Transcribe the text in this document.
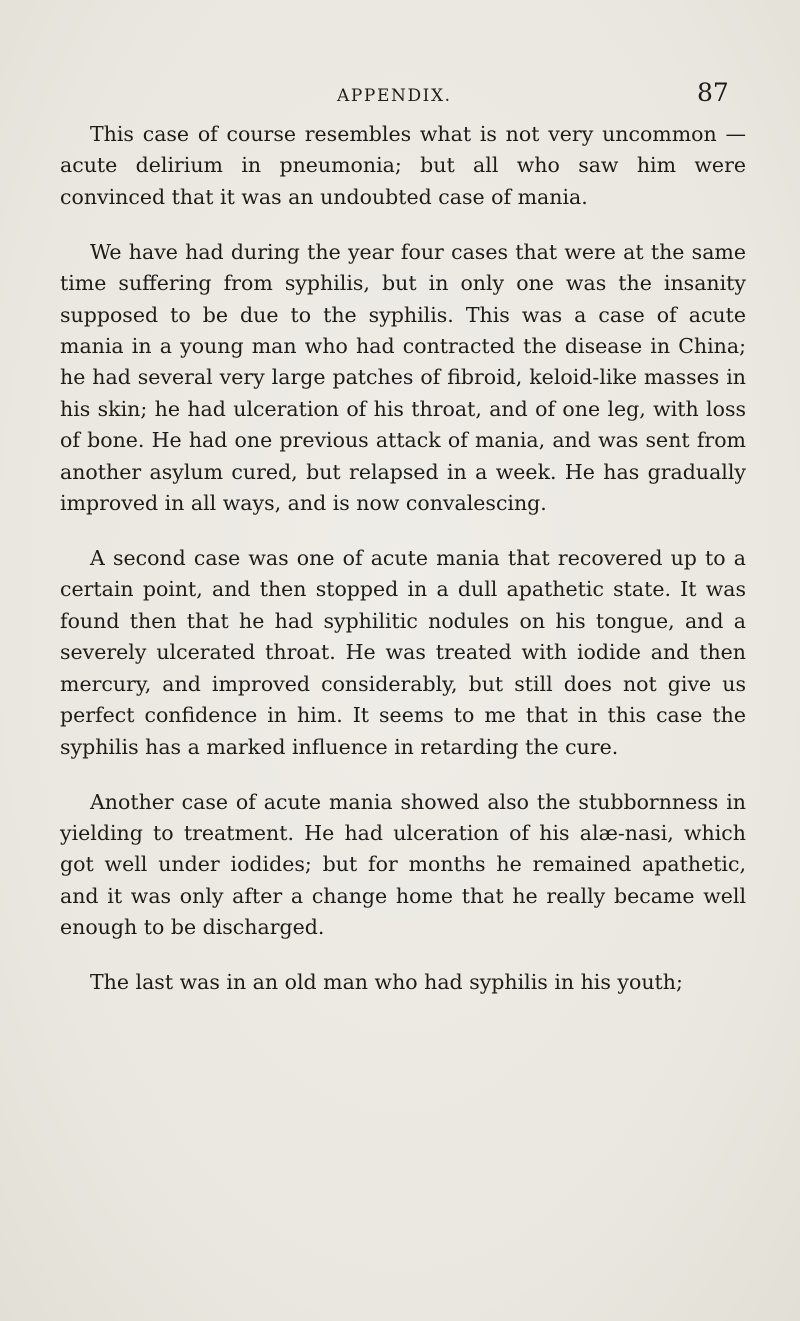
APPENDIX.	87

This case of course resembles what is not very uncommon —acute delirium in pneumonia; but all who saw him were convinced that it was an undoubted case of mania.

We have had during the year four cases that were at the same time suffering from syphilis, but in only one was the insanity supposed to be due to the syphilis. This was a case of acute mania in a young man who had contracted the disease in China; he had several very large patches of fibroid, keloid-like masses in his skin; he had ulceration of his throat, and of one leg, with loss of bone. He had one previous attack of mania, and was sent from another asylum cured, but relapsed in a week. He has gradually improved in all ways, and is now convalescing.

A second case was one of acute mania that recovered up to a certain point, and then stopped in a dull apathetic state. It was found then that he had syphilitic nodules on his tongue, and a severely ulcerated throat. He was treated with iodide and then mercury, and improved considerably, but still does not give us perfect confidence in him. It seems to me that in this case the syphilis has a marked influence in retarding the cure.

Another case of acute mania showed also the stubbornness in yielding to treatment. He had ulceration of his alæ-nasi, which got well under iodides; but for months he remained apathetic, and it was only after a change home that he really became well enough to be discharged.

The last was in an old man who had syphilis in his youth;
